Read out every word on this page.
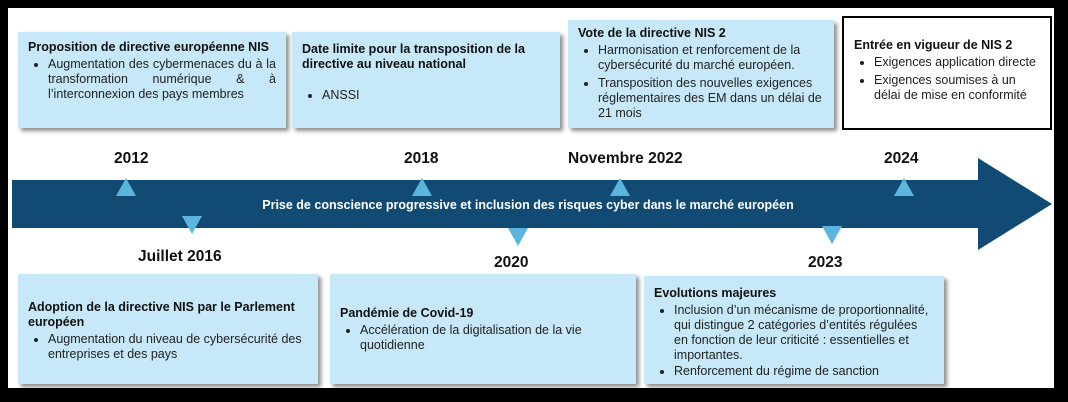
Proposition de directive européenne NIS
• Augmentation des cybermenaces du à la transformation numérique & à l’interconnexion des pays membres
Date limite pour la transposition de la directive au niveau national
• ANSSI
Vote de la directive NIS 2
• Harmonisation et renforcement de la cybersécurité du marché européen.
• Transposition des nouvelles exigences réglementaires des EM dans un délai de 21 mois
Entrée en vigueur de NIS 2
• Exigences application directe
• Exigences soumises à un délai de mise en conformité
2012	2018	Novembre 2022	2024
Prise de conscience progressive et inclusion des risques cyber dans le marché européen
Juillet 2016	2020	2023
Adoption de la directive NIS par le Parlement européen
• Augmentation du niveau de cybersécurité des entreprises et des pays
Pandémie de Covid-19
• Accélération de la digitalisation de la vie quotidienne
Evolutions majeures
• Inclusion d’un mécanisme de proportionnalité, qui distingue 2 catégories d’entités régulées en fonction de leur criticité : essentielles et importantes.
• Renforcement du régime de sanction
